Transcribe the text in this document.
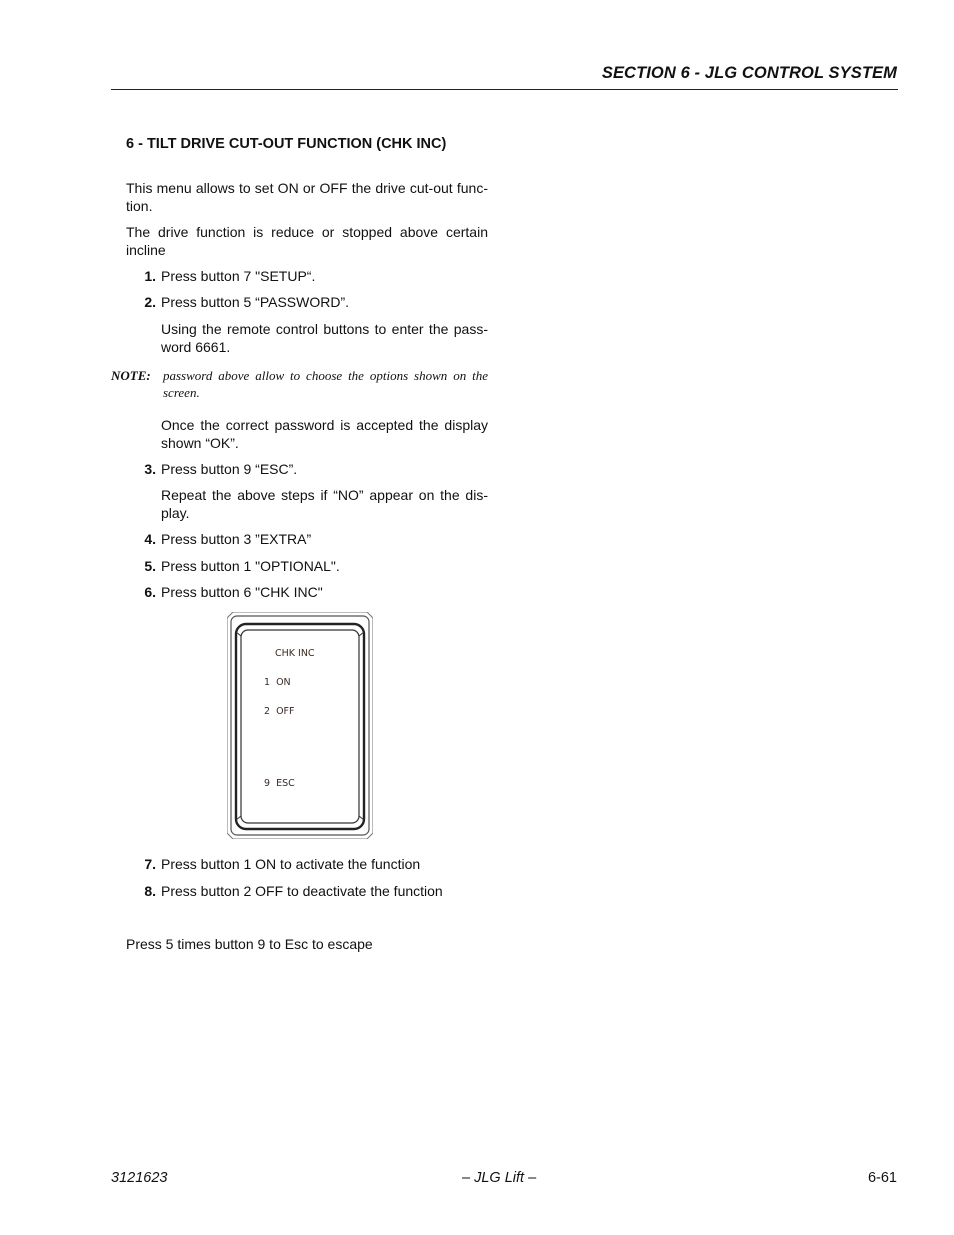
SECTION 6 - JLG CONTROL SYSTEM
6 - TILT DRIVE CUT-OUT FUNCTION (CHK INC)
This menu allows to set ON or OFF the drive cut-out func-tion.
The drive function is reduce or stopped above certain incline
1. Press button 7 "SETUP“.
2. Press button 5 “PASSWORD”.
Using the remote control buttons to enter the pass-word 6661.
NOTE: password above allow to choose the options shown on the screen.
Once the correct password is accepted the display shown “OK”.
3. Press button 9 “ESC”.
Repeat the above steps if “NO” appear on the dis-play.
4. Press button 3 ”EXTRA”
5. Press button 1 "OPTIONAL".
6. Press button 6 "CHK INC"
CHK INC
1  ON
2  OFF
9  ESC
7. Press button 1 ON to activate the function
8. Press button 2 OFF to deactivate the function
Press 5 times button 9 to Esc to escape
3121623	– JLG Lift –	6-61
